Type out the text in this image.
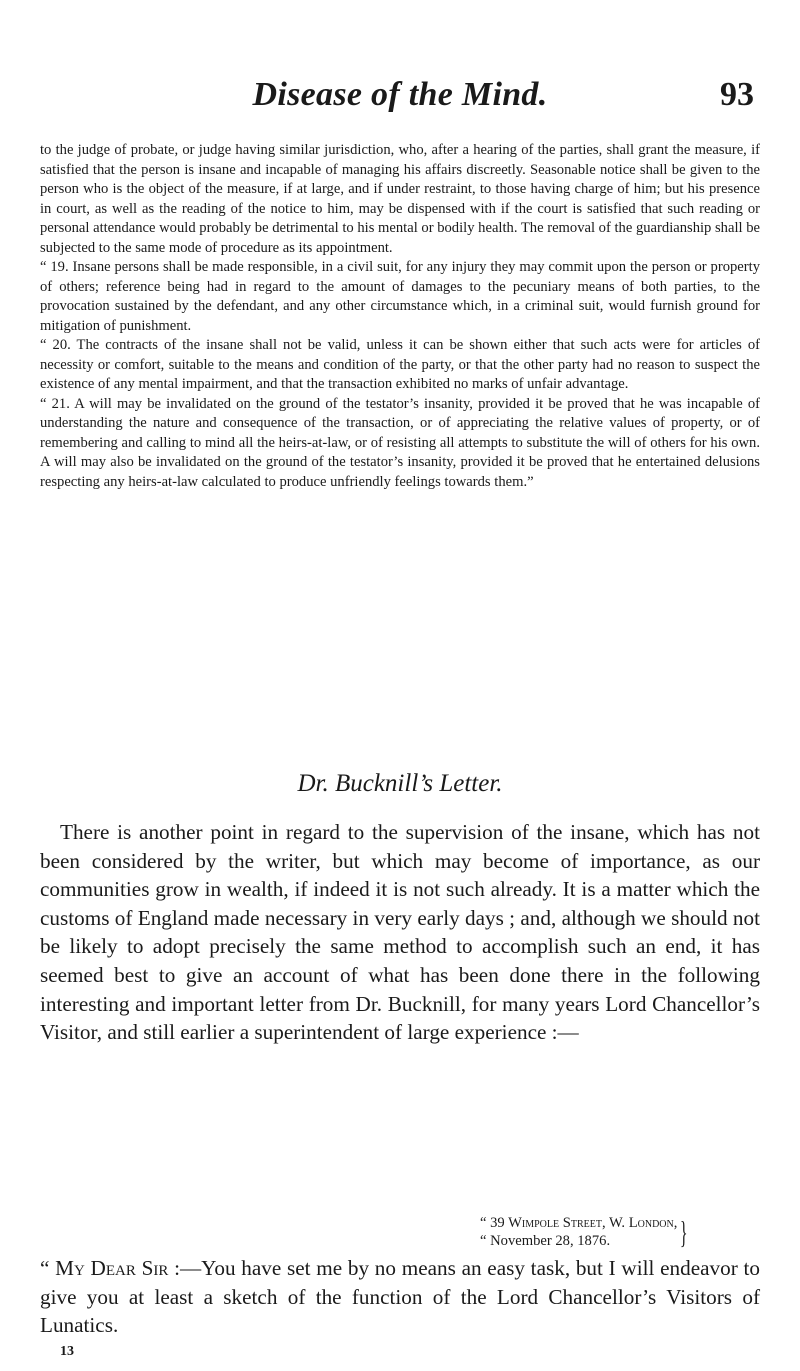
Disease of the Mind.	93

to the judge of probate, or judge having similar jurisdiction, who, after a hearing of the parties, shall grant the measure, if satisfied that the person is insane and incapable of managing his affairs discreetly. Seasonable notice shall be given to the person who is the object of the measure, if at large, and if under restraint, to those having charge of him; but his presence in court, as well as the reading of the notice to him, may be dispensed with if the court is satisfied that such reading or personal attendance would probably be detrimental to his mental or bodily health. The removal of the guardianship shall be subjected to the same mode of procedure as its appointment.

“ 19. Insane persons shall be made responsible, in a civil suit, for any injury they may commit upon the person or property of others; reference being had in regard to the amount of damages to the pecuniary means of both parties, to the provocation sustained by the defendant, and any other circumstance which, in a criminal suit, would furnish ground for mitigation of punishment.

“ 20. The contracts of the insane shall not be valid, unless it can be shown either that such acts were for articles of necessity or comfort, suitable to the means and condition of the party, or that the other party had no reason to suspect the existence of any mental impairment, and that the transaction exhibited no marks of unfair advantage.

“ 21. A will may be invalidated on the ground of the testator’s insanity, provided it be proved that he was incapable of understanding the nature and consequence of the transaction, or of appreciating the relative values of property, or of remembering and calling to mind all the heirs-at-law, or of resisting all attempts to substitute the will of others for his own. A will may also be invalidated on the ground of the testator’s insanity, provided it be proved that he entertained delusions respecting any heirs-at-law calculated to produce unfriendly feelings towards them.”

Dr. Bucknill’s Letter.

There is another point in regard to the supervision of the insane, which has not been considered by the writer, but which may become of importance, as our communities grow in wealth, if indeed it is not such already. It is a matter which the customs of England made necessary in very early days ; and, although we should not be likely to adopt precisely the same method to accomplish such an end, it has seemed best to give an account of what has been done there in the following interesting and important letter from Dr. Bucknill, for many years Lord Chancellor’s Visitor, and still earlier a superintendent of large experience :—

“ 39 Wimpole Street, W. London,
“ November 28, 1876.	}

“ My Dear Sir :—You have set me by no means an easy task, but I will endeavor to give you at least a sketch of the function of the Lord Chancellor’s Visitors of Lunatics.

13
